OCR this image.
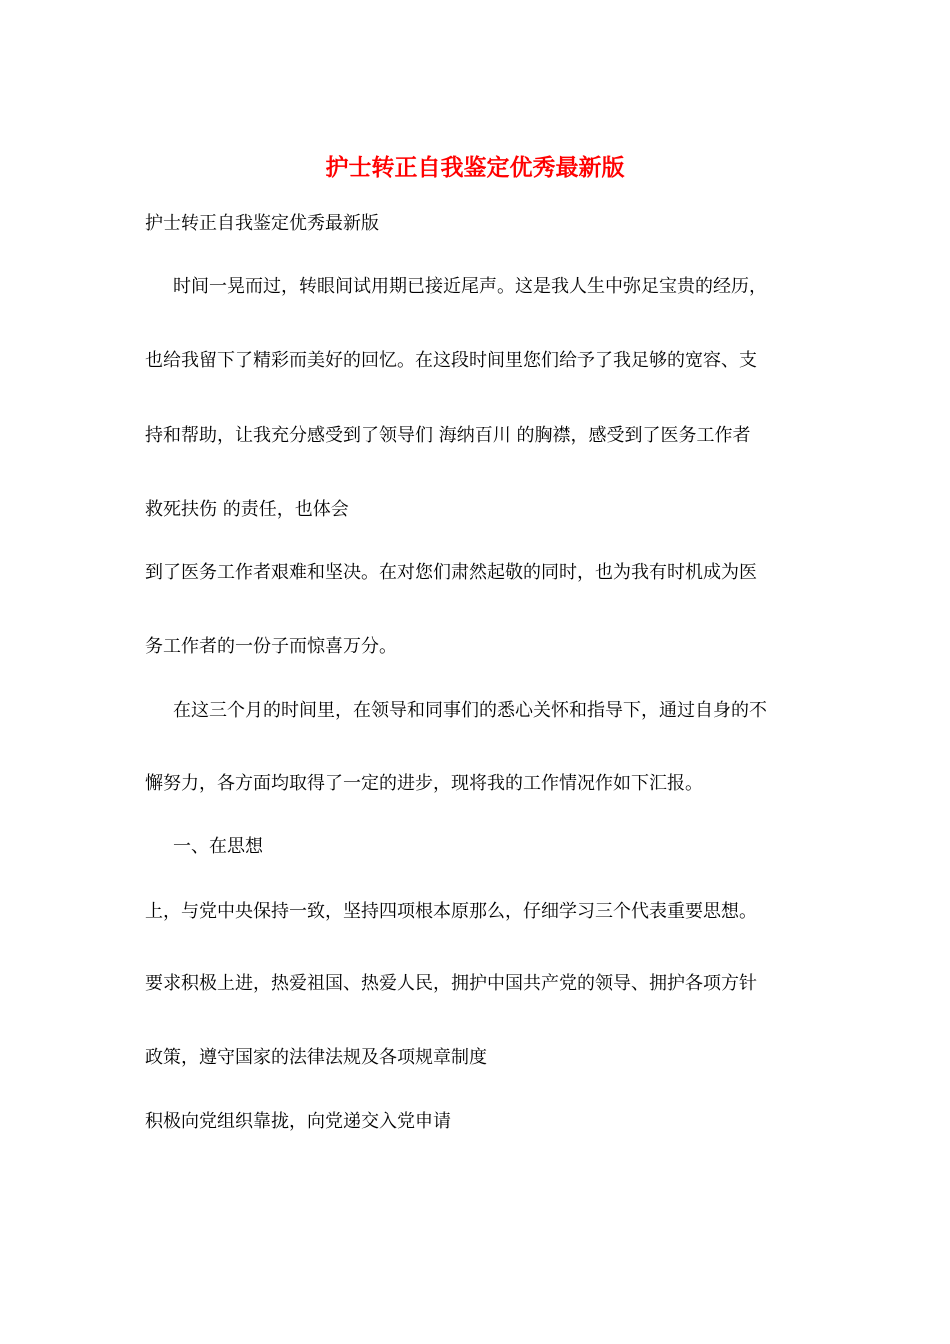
护士转正自我鉴定优秀最新版

护士转正自我鉴定优秀最新版

时间一晃而过，转眼间试用期已接近尾声。这是我人生中弥足宝贵的经历，

也给我留下了精彩而美好的回忆。在这段时间里您们给予了我足够的宽容、支

持和帮助，让我充分感受到了领导们 海纳百川 的胸襟，感受到了医务工作者

救死扶伤 的责任，也体会

到了医务工作者艰难和坚决。在对您们肃然起敬的同时，也为我有时机成为医

务工作者的一份子而惊喜万分。

在这三个月的时间里，在领导和同事们的悉心关怀和指导下，通过自身的不

懈努力，各方面均取得了一定的进步，现将我的工作情况作如下汇报。

一、在思想

上，与党中央保持一致，坚持四项根本原那么，仔细学习三个代表重要思想。

要求积极上进，热爱祖国、热爱人民，拥护中国共产党的领导、拥护各项方针

政策，遵守国家的法律法规及各项规章制度

积极向党组织靠拢，向党递交入党申请
